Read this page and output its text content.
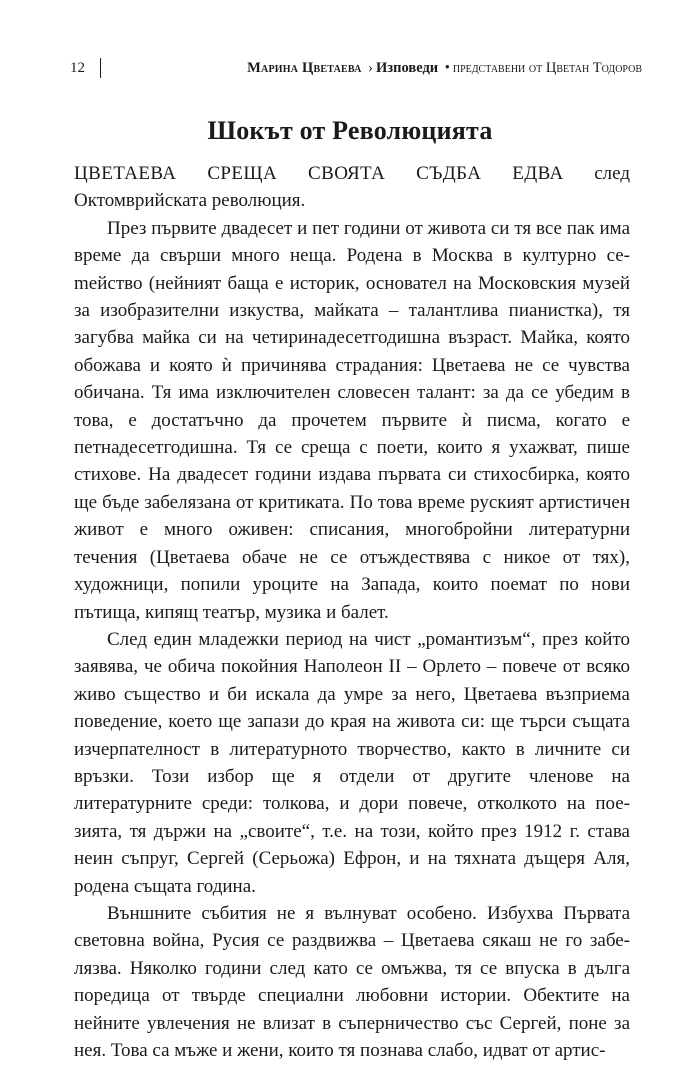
12	Марина Цветаева › Изповеди • представени от Цветан Тодоров
Шокът от Революцията

ЦВЕТАЕВА СРЕЩА СВОЯТА СЪДБА ЕДВА след Октомврийската революция.

През първите двадесет и пет години от живота си тя все пак има време да свърши много неща. Родена в Москва в културно сеmейство (нейният баща е историк, основател на Московския музей за изобразителни изкуства, майката – талантлива пианистка), тя загубва майка си на четиринадесетгодишна възраст. Майка, която обожава и която ѝ причинява страдания: Цветаева не се чувства обичана. Тя има изключителен словесен талант: за да се убедим в това, е достатъчно да прочетем първите ѝ писма, когато е петнадесетгодишна. Тя се среща с поети, които я ухажват, пише стихове. На двадесет години издава първата си стихосбирка, която ще бъде забелязана от критиката. По това време руският артистичен живот е много оживен: списания, многобройни литературни течения (Цветаева обаче не се отъждествява с никое от тях), художници, попили уроците на Запада, които поемат по нови пътища, кипящ театър, музика и балет.

След един младежки период на чист „романтизъм“, през който заявява, че обича покойния Наполеон II – Орлето – повече от всяко живо същество и би искала да умре за него, Цветаева възприема поведение, което ще запази до края на живота си: ще търси същата изчерпателност в литературното творчество, както в личните си връзки. Този избор ще я отдели от другите членове на литературните среди: толкова, и дори повече, отколкото на поезията, тя държи на „своите“, т.е. на този, който през 1912 г. става неин съпруг, Сергей (Серьожа) Ефрон, и на тяхната дъщеря Аля, родена същата година.

Външните събития не я вълнуват особено. Избухва Първата световна война, Русия се раздвижва – Цветаева сякаш не го забелязва. Няколко години след като се омъжва, тя се впуска в дълга поредица от твърде специални любовни истории. Обектите на нейните увлечения не влизат в съперничество със Сергей, поне за нея. Това са мъже и жени, които тя познава слабо, идват от артис-
